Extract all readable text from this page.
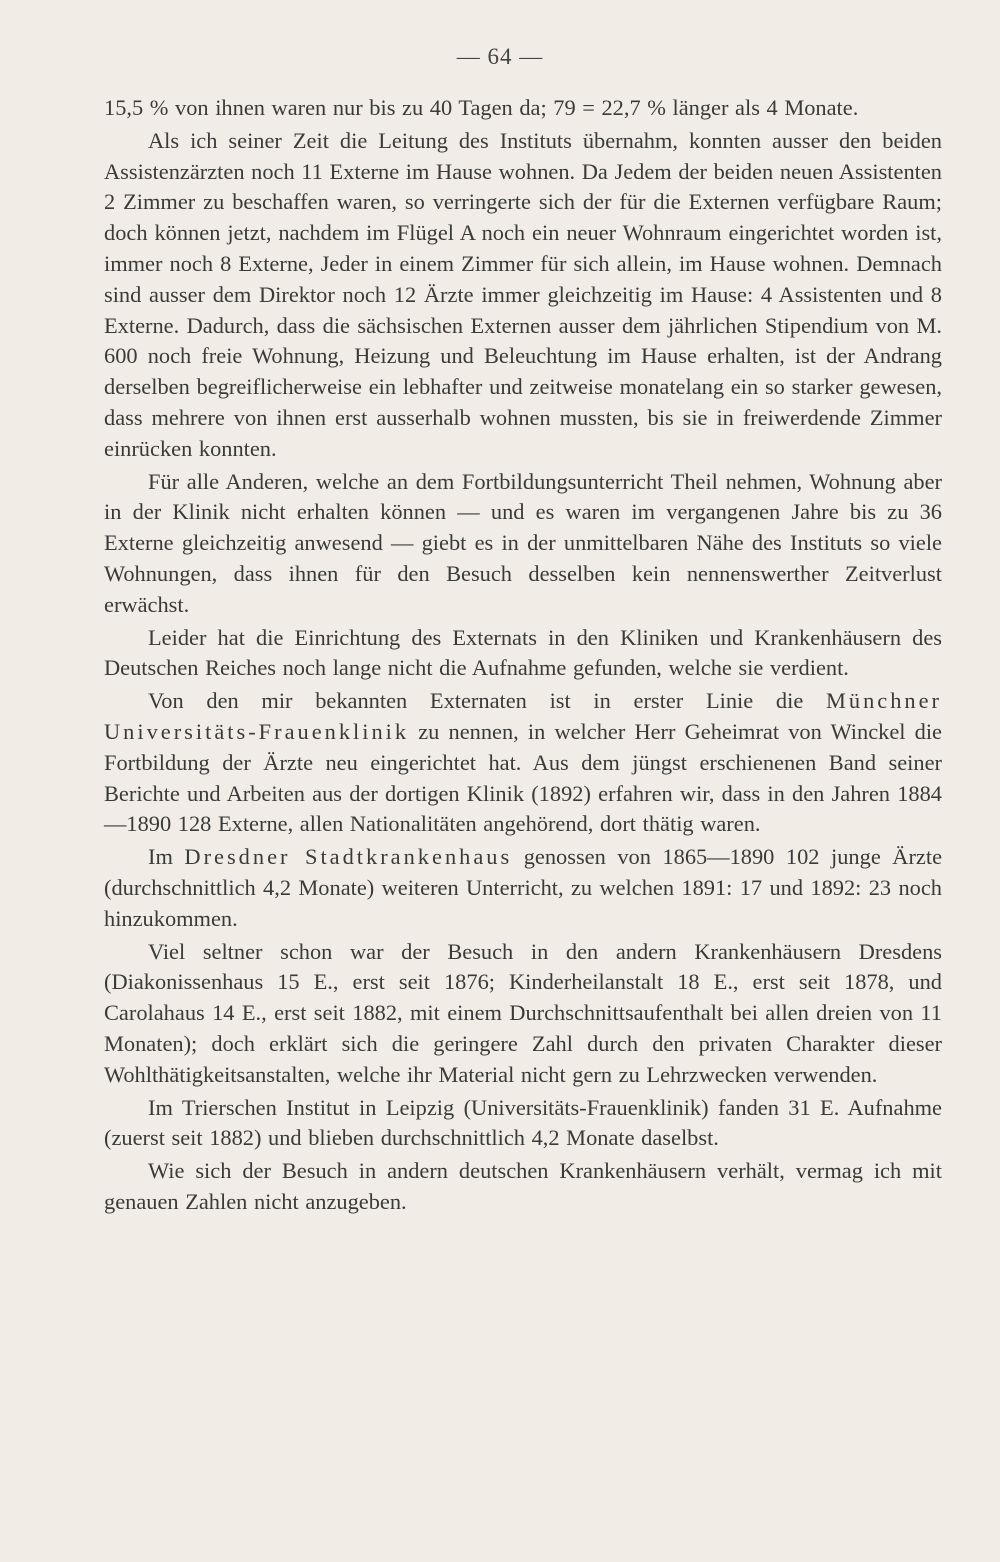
— 64 —

15,5 % von ihnen waren nur bis zu 40 Tagen da; 79 = 22,7 % länger als 4 Monate.

Als ich seiner Zeit die Leitung des Instituts übernahm, konnten ausser den beiden Assistenzärzten noch 11 Externe im Hause wohnen. Da Jedem der beiden neuen Assistenten 2 Zimmer zu beschaffen waren, so verringerte sich der für die Externen verfügbare Raum; doch können jetzt, nachdem im Flügel A noch ein neuer Wohnraum eingerichtet worden ist, immer noch 8 Externe, Jeder in einem Zimmer für sich allein, im Hause wohnen. Demnach sind ausser dem Direktor noch 12 Ärzte immer gleichzeitig im Hause: 4 Assistenten und 8 Externe. Dadurch, dass die sächsischen Externen ausser dem jährlichen Stipendium von M. 600 noch freie Wohnung, Heizung und Beleuchtung im Hause erhalten, ist der Andrang derselben begreiflicherweise ein lebhafter und zeitweise monatelang ein so starker gewesen, dass mehrere von ihnen erst ausserhalb wohnen mussten, bis sie in freiwerdende Zimmer einrücken konnten.

Für alle Anderen, welche an dem Fortbildungsunterricht Theil nehmen, Wohnung aber in der Klinik nicht erhalten können — und es waren im vergangenen Jahre bis zu 36 Externe gleichzeitig anwesend — giebt es in der unmittelbaren Nähe des Instituts so viele Wohnungen, dass ihnen für den Besuch desselben kein nennenswerther Zeitverlust erwächst.

Leider hat die Einrichtung des Externats in den Kliniken und Krankenhäusern des Deutschen Reiches noch lange nicht die Aufnahme gefunden, welche sie verdient.

Von den mir bekannten Externaten ist in erster Linie die Münchner Universitäts-Frauenklinik zu nennen, in welcher Herr Geheimrat von Winckel die Fortbildung der Ärzte neu eingerichtet hat. Aus dem jüngst erschienenen Band seiner Berichte und Arbeiten aus der dortigen Klinik (1892) erfahren wir, dass in den Jahren 1884—1890 128 Externe, allen Nationalitäten angehörend, dort thätig waren.

Im Dresdner Stadtkrankenhaus genossen von 1865—1890 102 junge Ärzte (durchschnittlich 4,2 Monate) weiteren Unterricht, zu welchen 1891: 17 und 1892: 23 noch hinzukommen.

Viel seltner schon war der Besuch in den andern Krankenhäusern Dresdens (Diakonissenhaus 15 E., erst seit 1876; Kinderheilanstalt 18 E., erst seit 1878, und Carolahaus 14 E., erst seit 1882, mit einem Durchschnittsaufenthalt bei allen dreien von 11 Monaten); doch erklärt sich die geringere Zahl durch den privaten Charakter dieser Wohlthätigkeitsanstalten, welche ihr Material nicht gern zu Lehrzwecken verwenden.

Im Trierschen Institut in Leipzig (Universitäts-Frauenklinik) fanden 31 E. Aufnahme (zuerst seit 1882) und blieben durchschnittlich 4,2 Monate daselbst.

Wie sich der Besuch in andern deutschen Krankenhäusern verhält, vermag ich mit genauen Zahlen nicht anzugeben.
